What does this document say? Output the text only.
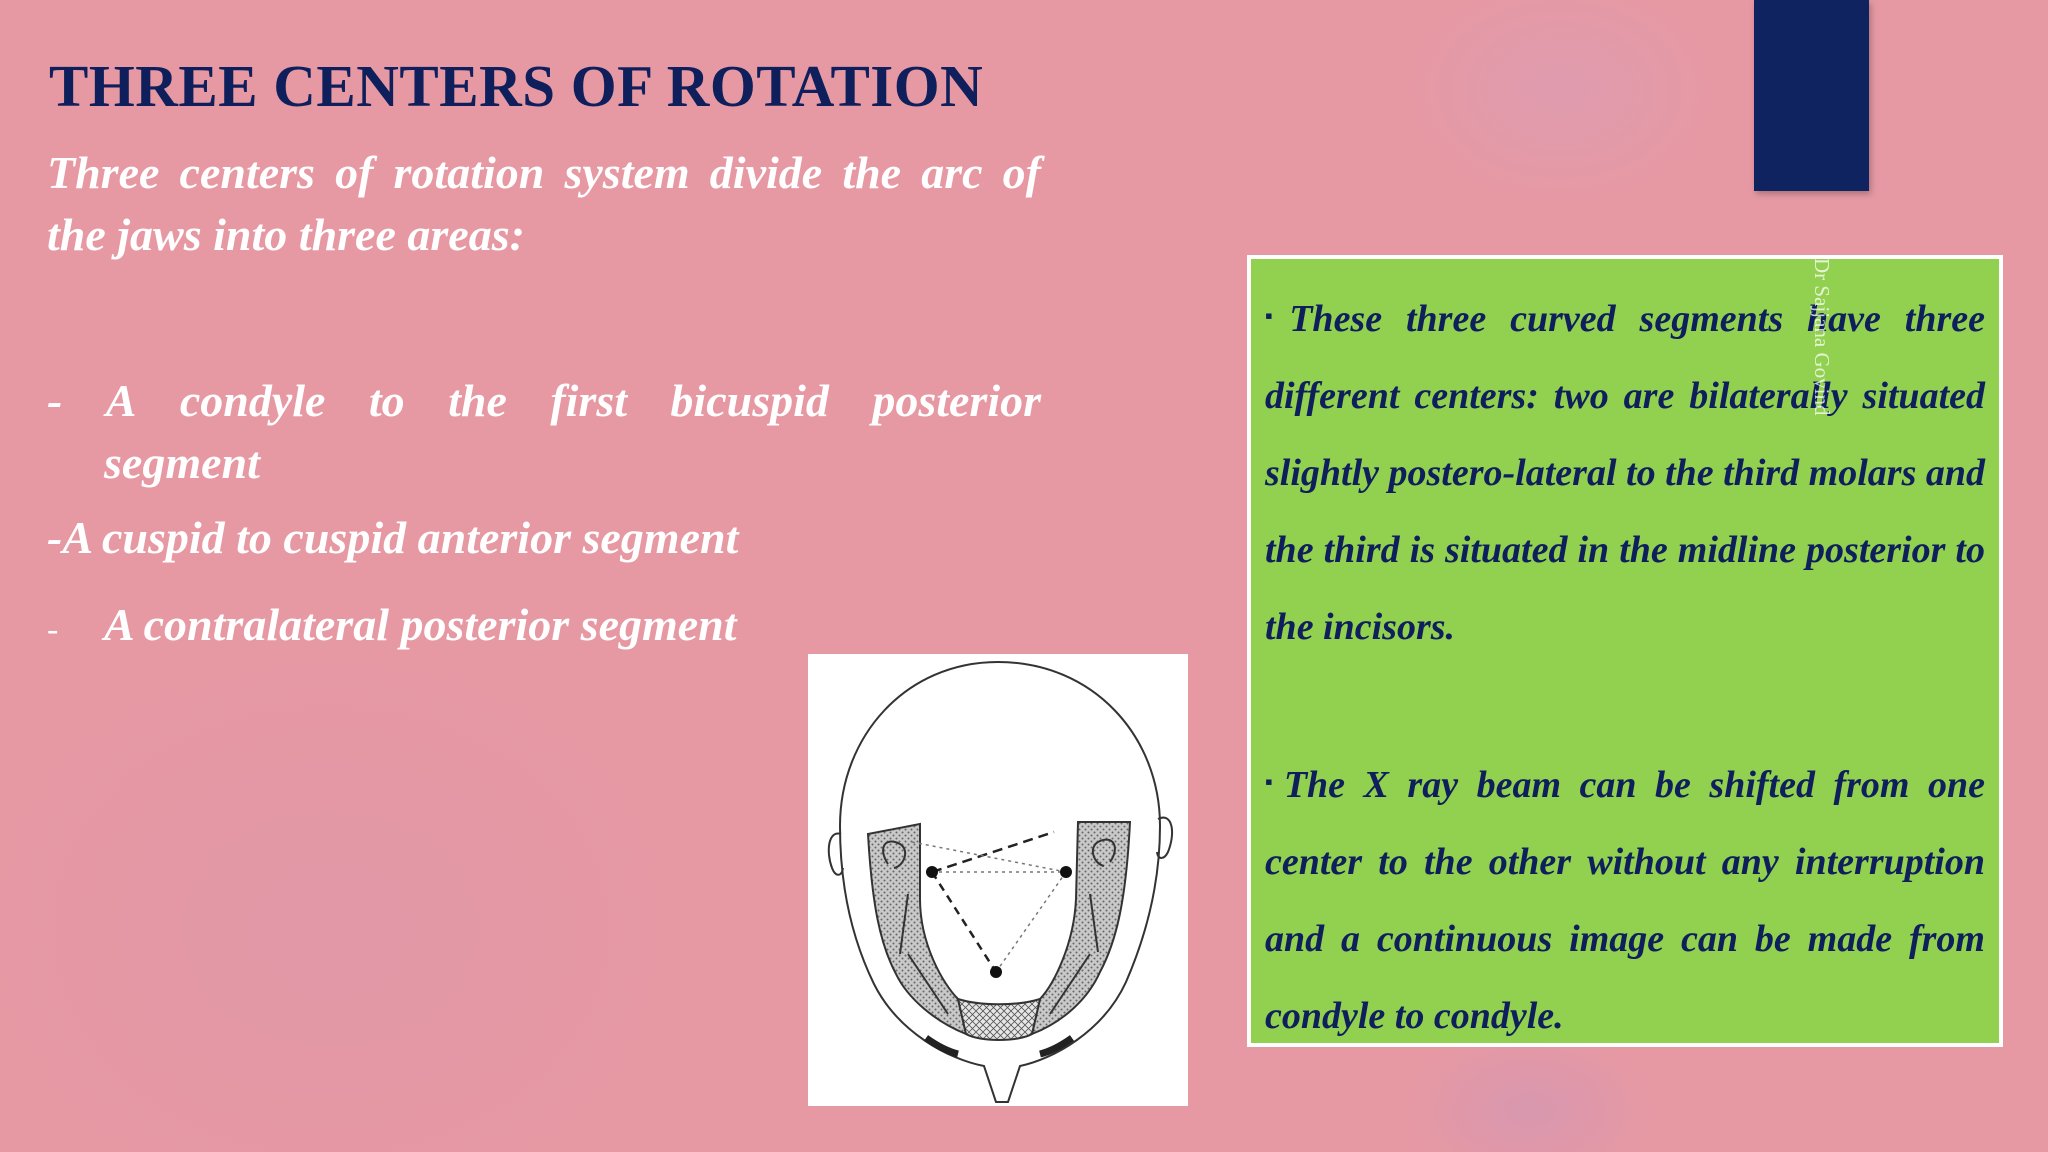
THREE CENTERS OF ROTATION

Three centers of rotation system divide the arc of the jaws into three areas:

- A condyle to the first bicuspid posterior
segment

-A cuspid to cuspid anterior segment

- A contralateral posterior segment

▪These three curved segments have three different centers: two are bilaterally situated slightly postero-lateral to the third molars and the third is situated in the midline posterior to the incisors.

▪The X ray beam can be shifted from one center to the other without any interruption and a continuous image can be made from condyle to condyle.

Dr Sajjana Govind
